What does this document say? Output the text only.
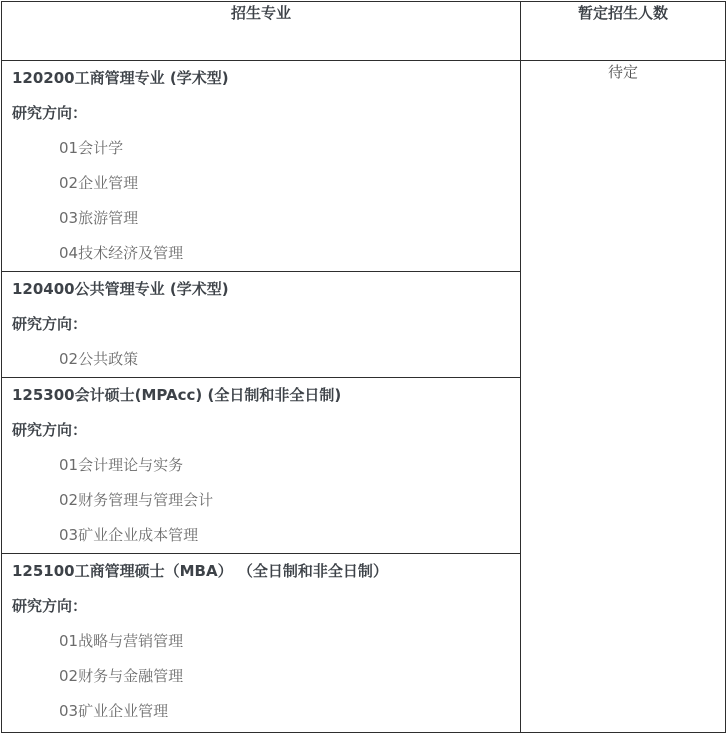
招生专业	暂定招生人数

120200工商管理专业 (学术型)

研究方向：

01会计学

02企业管理

03旅游管理

04技术经济及管理

	待定

120400公共管理专业 (学术型)

研究方向：

02公共政策	

125300会计硕士(MPAcc) (全日制和非全日制)

研究方向：

01会计理论与实务

02财务管理与管理会计

03矿业企业成本管理	

125100工商管理硕士（MBA） （全日制和非全日制）

研究方向：

01战略与营销管理

02财务与金融管理

03矿业企业管理	
